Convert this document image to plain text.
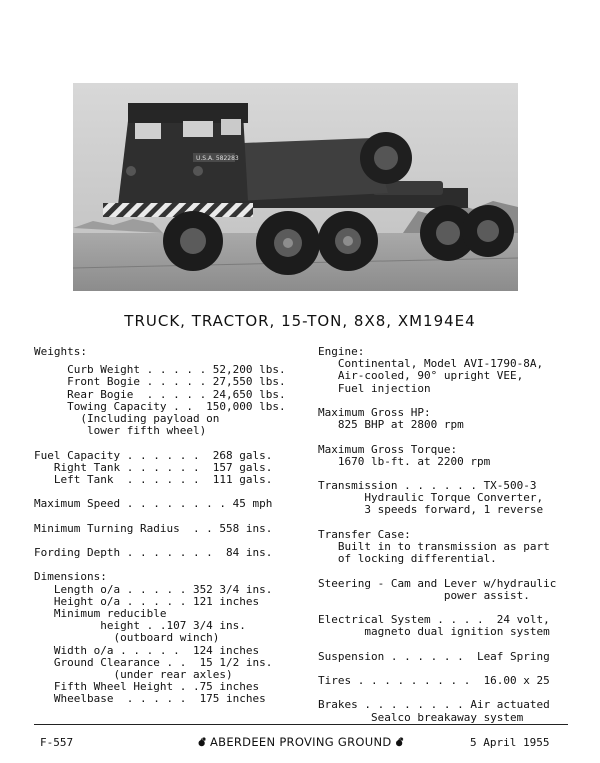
U.S.A. 582283
TRUCK, TRACTOR, 15-TON, 8X8, XM194E4
Weights:
Curb Weight . . . . . 52,200 lbs.
Front Bogie . . . . . 27,550 lbs.
Rear Bogie  . . . . . 24,650 lbs.
Towing Capacity . .  150,000 lbs.
(Including payload on
lower fifth wheel)
Fuel Capacity . . . . . .  268 gals.
Right Tank . . . . . .  157 gals.
Left Tank  . . . . . .  111 gals.
Maximum Speed . . . . . . . . 45 mph
Minimum Turning Radius  . . 558 ins.
Fording Depth . . . . . . .  84 ins.
Dimensions:
Length o/a . . . . . 352 3/4 ins.
Height o/a . . . . . 121 inches
Minimum reducible
height . .107 3/4 ins.
(outboard winch)
Width o/a . . . . .  124 inches
Ground Clearance . .  15 1/2 ins.
(under rear axles)
Fifth Wheel Height . .75 inches
Wheelbase  . . . . .  175 inches
Engine:
Continental, Model AVI-1790-8A,
Air-cooled, 90° upright VEE,
Fuel injection
Maximum Gross HP:
825 BHP at 2800 rpm
Maximum Gross Torque:
1670 lb-ft. at 2200 rpm
Transmission . . . . . . TX-500-3
Hydraulic Torque Converter,
3 speeds forward, 1 reverse
Transfer Case:
Built in to transmission as part
of locking differential.
Steering - Cam and Lever w/hydraulic
power assist.
Electrical System . . . .  24 volt,
magneto dual ignition system
Suspension . . . . . .  Leaf Spring
Tires . . . . . . . . .  16.00 x 25
Brakes . . . . . . . . Air actuated
Sealco breakaway system
F-557	💣︎ ABERDEEN PROVING GROUND 💣︎	5 April 1955
